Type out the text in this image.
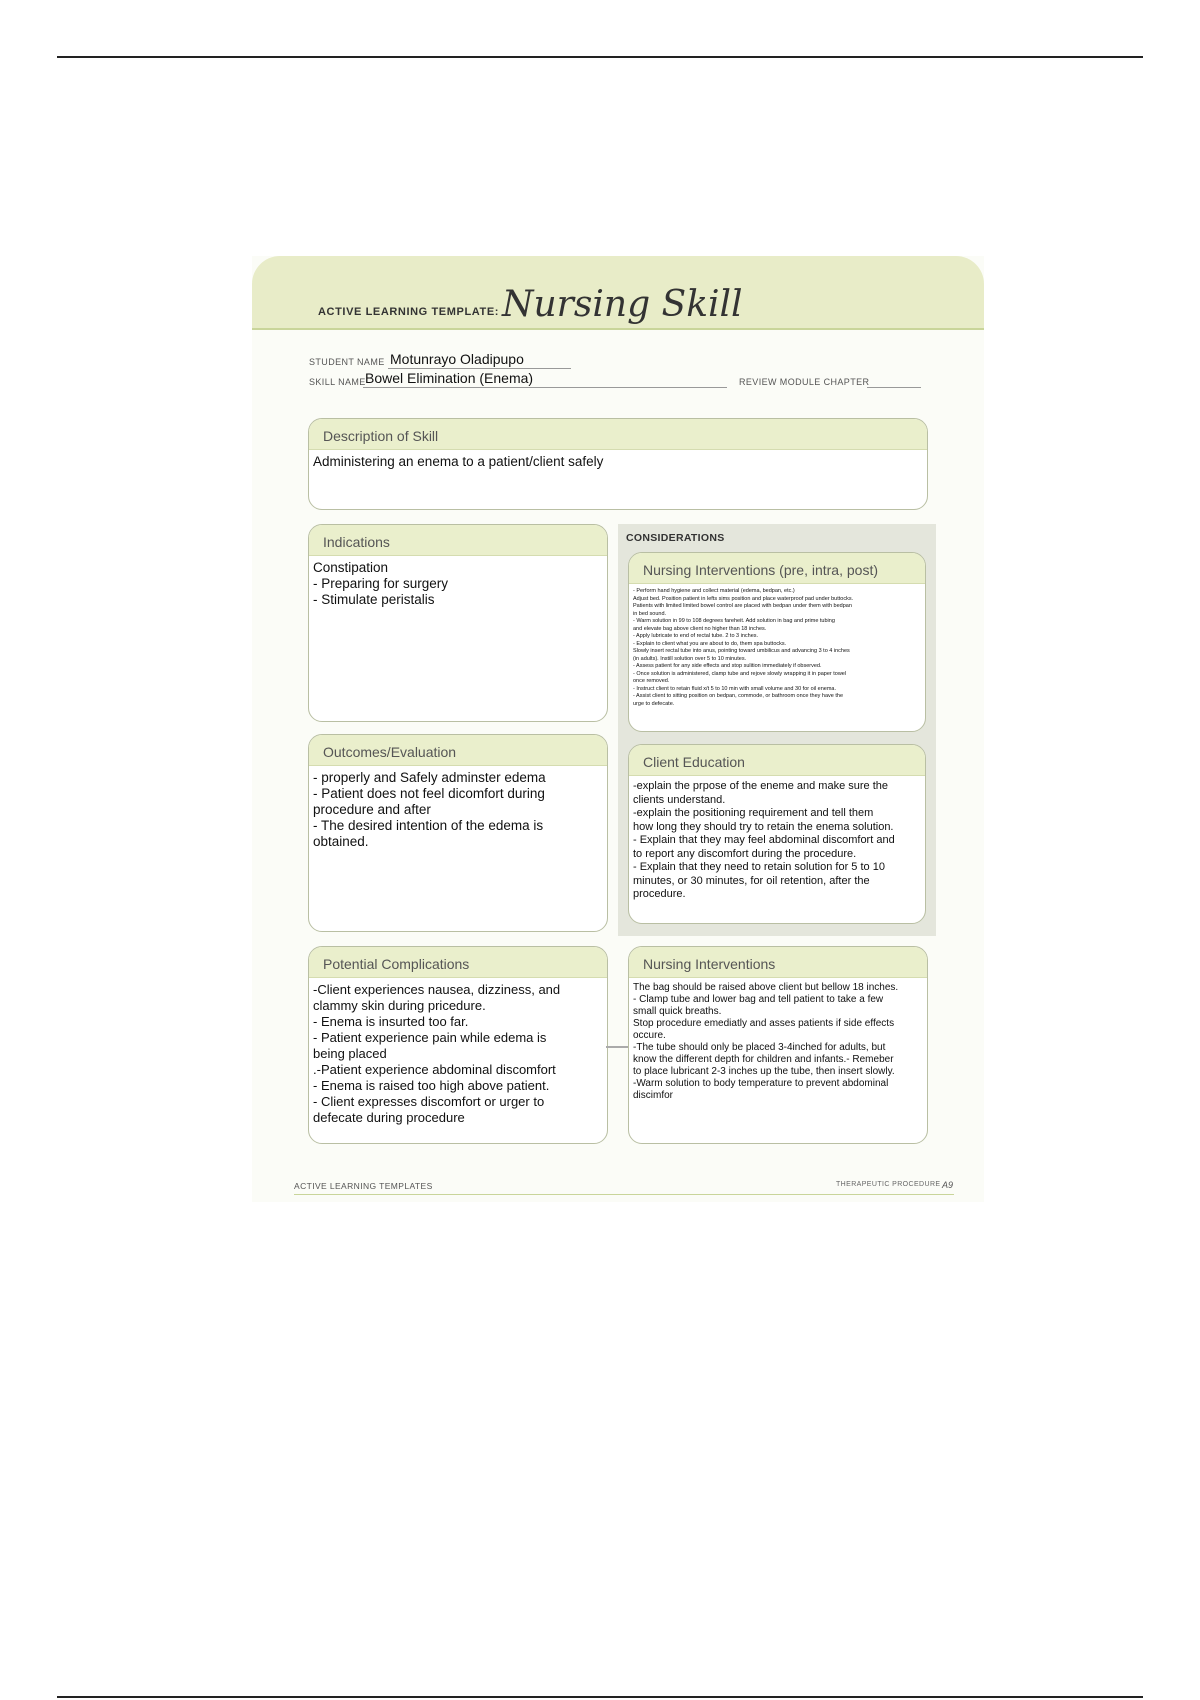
ACTIVE LEARNING TEMPLATE: Nursing Skill
STUDENT NAME Motunrayo Oladipupo
SKILL NAME Bowel Elimination (Enema)	REVIEW MODULE CHAPTER
Description of Skill
Administering an enema to a patient/client safely
Indications
Constipation
- Preparing for surgery
- Stimulate peristalis
Outcomes/Evaluation
- properly and Safely adminster edema
- Patient does not feel dicomfort during
procedure and after
- The desired intention of the edema is
obtained.
CONSIDERATIONS
Nursing Interventions (pre, intra, post)
- Perform hand hygiene and collect material (edema, bedpan, etc.)
Adjust bed. Position patient in lefts sims position and place waterproof pad under buttocks.
Patients with limited limited bowel control are placed with bedpan under them with bedpan
in bed sound.
- Warm solution in 99 to 108 degrees fareheit. Add solution in bag and prime tubing
and elevate bag above client no higher than 18 inches.
- Apply lubricate to end of rectal tube. 2 to 3 inches.
- Explain to client what you are about to do, them spa buttocks.
Slowly insert rectal tube into anus, pointing toward umbilicus and advancing 3 to 4 inches
(in adults). Instill solution over 5 to 10 minutes.
- Assess patient for any side effects and stop sulition immediately if observed.
- Once solution is administered, clamp tube and rejove slowly wrapping it in paper towel
once removed.
- Instruct client to retain fluid x/t 5 to 10 min with small volume and 30 for oil enema.
- Assist client to sitting position on bedpan, commode, or bathroom once they have the
urge to defecate.
Client Education
-explain the prpose of the eneme and make sure the
clients understand.
-explain the positioning requirement and tell them
how long they should try to retain the enema solution.
- Explain that they may feel abdominal discomfort and
to report any discomfort during the procedure.
- Explain that they need to retain solution for 5 to 10
minutes, or 30 minutes, for oil retention, after the
procedure.
Potential Complications
-Client experiences nausea, dizziness, and
clammy skin during pricedure.
- Enema is insurted too far.
- Patient experience pain while edema is
being placed
.-Patient experience abdominal discomfort
- Enema is raised too high above patient.
- Client expresses discomfort or urger to
defecate during procedure
Nursing Interventions
The bag should be raised above client but bellow 18 inches.
- Clamp tube and lower bag and tell patient to take a few
small quick breaths.
Stop procedure emediatly and asses patients if side effects
occure.
-The tube should only be placed 3-4inched for adults, but
know the different depth for children and infants.- Remeber
to place lubricant 2-3 inches up the tube, then insert slowly.
-Warm solution to body temperature to prevent abdominal
discimfor
ACTIVE LEARNING TEMPLATES	THERAPEUTIC PROCEDURE A9
